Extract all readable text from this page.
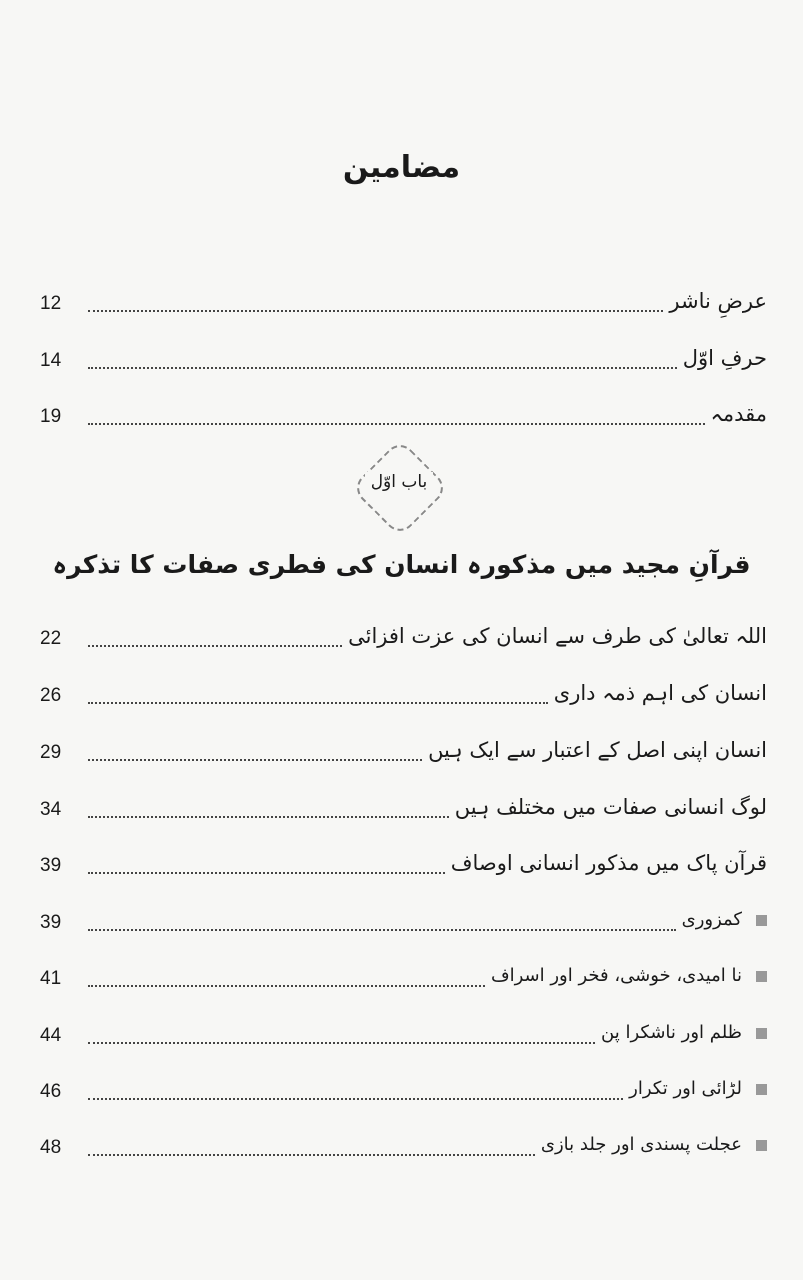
مضامین
عرضِ ناشر
12
حرفِ اوّل
14
مقدمہ
19
باب اوّل
قرآنِ مجید میں مذکورہ انسان کی فطری صفات کا تذکرہ
اللہ تعالیٰ کی طرف سے انسان کی عزت افزائی
22
انسان کی اہم ذمہ داری
26
انسان اپنی اصل کے اعتبار سے ایک ہیں
29
لوگ انسانی صفات میں مختلف ہیں
34
قرآن پاک میں مذکور انسانی اوصاف
39
کمزوری
39
نا امیدی، خوشی، فخر اور اسراف
41
ظلم اور ناشکرا پن
44
لڑائی اور تکرار
46
عجلت پسندی اور جلد بازی
48
